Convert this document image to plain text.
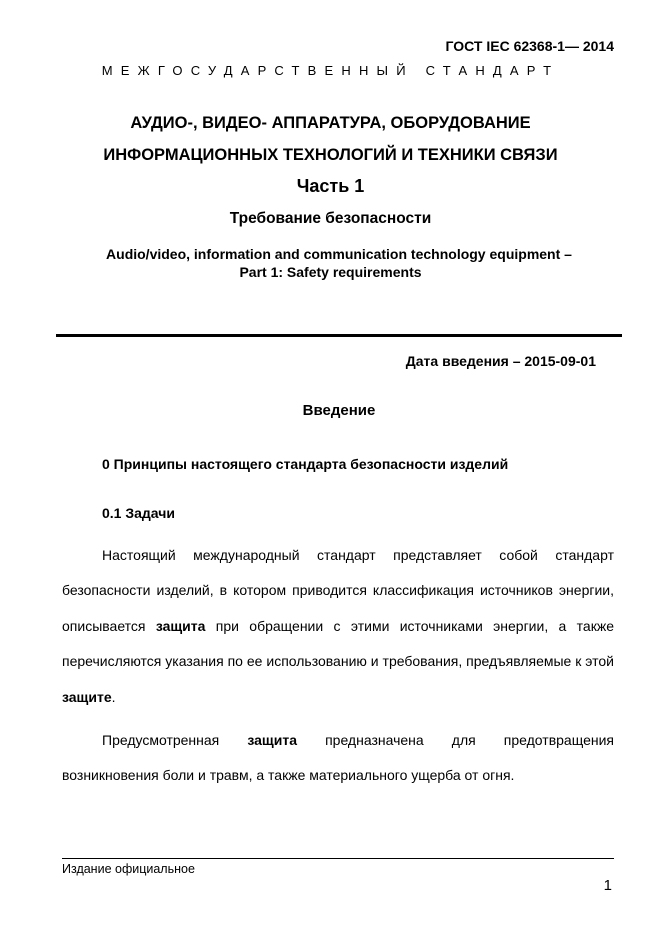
ГОСТ IEC 62368-1— 2014
МЕЖГОСУДАРСТВЕННЫЙ СТАНДАРТ
АУДИО-, ВИДЕО- АППАРАТУРА, ОБОРУДОВАНИЕ
ИНФОРМАЦИОННЫХ ТЕХНОЛОГИЙ И ТЕХНИКИ СВЯЗИ
Часть 1
Требование безопасности
Audio/video, information and communication technology equipment –
Part 1: Safety requirements
Дата введения – 2015-09-01
Введение
0 Принципы настоящего стандарта безопасности изделий
0.1 Задачи

Настоящий международный стандарт представляет собой стандарт безопасности изделий, в котором приводится классификация источников энергии, описывается защита при обращении с этими источниками энергии, а также перечисляются указания по ее использованию и требования, предъявляемые к этой защите.

Предусмотренная защита предназначена для предотвращения возникновения боли и травм, а также материального ущерба от огня.

Издание официальное
1
